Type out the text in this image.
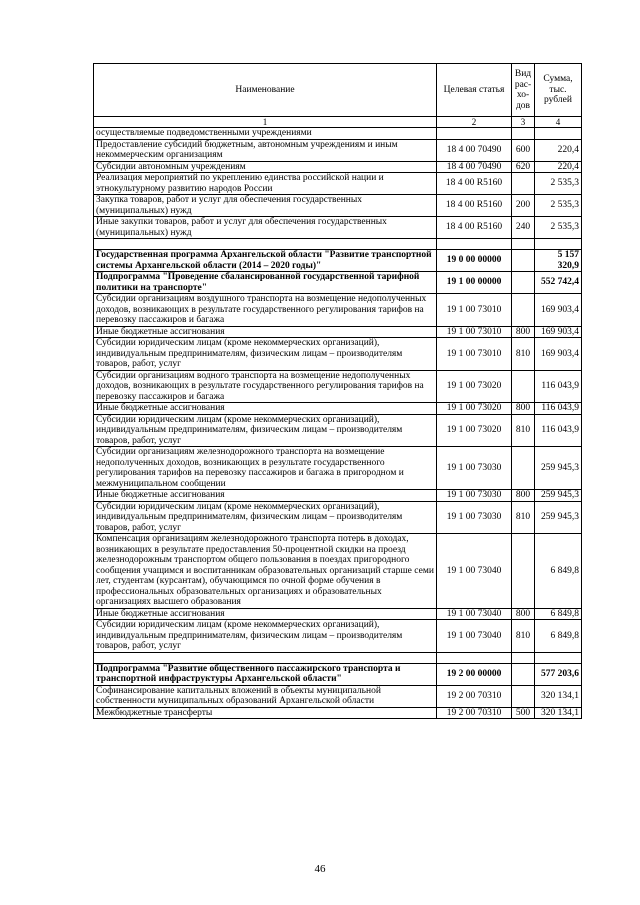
Наименование	Целевая статья	Вид рас-хо-дов	Сумма, тыс. рублей
1	2	3	4
осуществляемые подведомственными учреждениями			
Предоставление субсидий бюджетным, автономным учреждениям и иным некоммерческим организациям	18 4 00 70490	600	220,4
Субсидии автономным учреждениям	18 4 00 70490	620	220,4
Реализация мероприятий по укреплению единства российской нации и этнокультурному развитию народов России	18 4 00 R5160		2 535,3
Закупка товаров, работ и услуг для обеспечения государственных (муниципальных) нужд	18 4 00 R5160	200	2 535,3
Иные закупки товаров, работ и услуг для обеспечения государственных (муниципальных) нужд	18 4 00 R5160	240	2 535,3

Государственная программа Архангельской области "Развитие транспортной системы Архангельской области (2014 – 2020 годы)"	19 0 00 00000		5 157 320,9
Подпрограмма "Проведение сбалансированной государственной тарифной политики на транспорте"	19 1 00 00000		552 742,4
Субсидии организациям воздушного транспорта на возмещение недополученных доходов, возникающих в результате государственного регулирования тарифов на перевозку пассажиров и багажа	19 1 00 73010		169 903,4
Иные бюджетные ассигнования	19 1 00 73010	800	169 903,4
Субсидии юридическим лицам (кроме некоммерческих организаций), индивидуальным предпринимателям, физическим лицам – производителям товаров, работ, услуг	19 1 00 73010	810	169 903,4
Субсидии организациям водного транспорта на возмещение недополученных доходов, возникающих в результате государственного регулирования тарифов на перевозку пассажиров и багажа	19 1 00 73020		116 043,9
Иные бюджетные ассигнования	19 1 00 73020	800	116 043,9
Субсидии юридическим лицам (кроме некоммерческих организаций), индивидуальным предпринимателям, физическим лицам – производителям товаров, работ, услуг	19 1 00 73020	810	116 043,9
Субсидии организациям железнодорожного транспорта на возмещение недополученных доходов, возникающих в результате государственного регулирования тарифов на перевозку пассажиров и багажа в пригородном и межмуниципальном сообщении	19 1 00 73030		259 945,3
Иные бюджетные ассигнования	19 1 00 73030	800	259 945,3
Субсидии юридическим лицам (кроме некоммерческих организаций), индивидуальным предпринимателям, физическим лицам – производителям товаров, работ, услуг	19 1 00 73030	810	259 945,3
Компенсация организациям железнодорожного транспорта потерь в доходах, возникающих в результате предоставления 50-процентной скидки на проезд железнодорожным транспортом общего пользования в поездах пригородного сообщения учащимся и воспитанникам образовательных организаций старше семи лет, студентам (курсантам), обучающимся по очной форме обучения в профессиональных образовательных организациях и образовательных организациях высшего образования	19 1 00 73040		6 849,8
Иные бюджетные ассигнования	19 1 00 73040	800	6 849,8
Субсидии юридическим лицам (кроме некоммерческих организаций), индивидуальным предпринимателям, физическим лицам – производителям товаров, работ, услуг	19 1 00 73040	810	6 849,8

Подпрограмма "Развитие общественного пассажирского транспорта и транспортной инфраструктуры Архангельской области"	19 2 00 00000		577 203,6
Софинансирование капитальных вложений в объекты муниципальной собственности муниципальных образований Архангельской области	19 2 00 70310		320 134,1
Межбюджетные трансферты	19 2 00 70310	500	320 134,1
46
